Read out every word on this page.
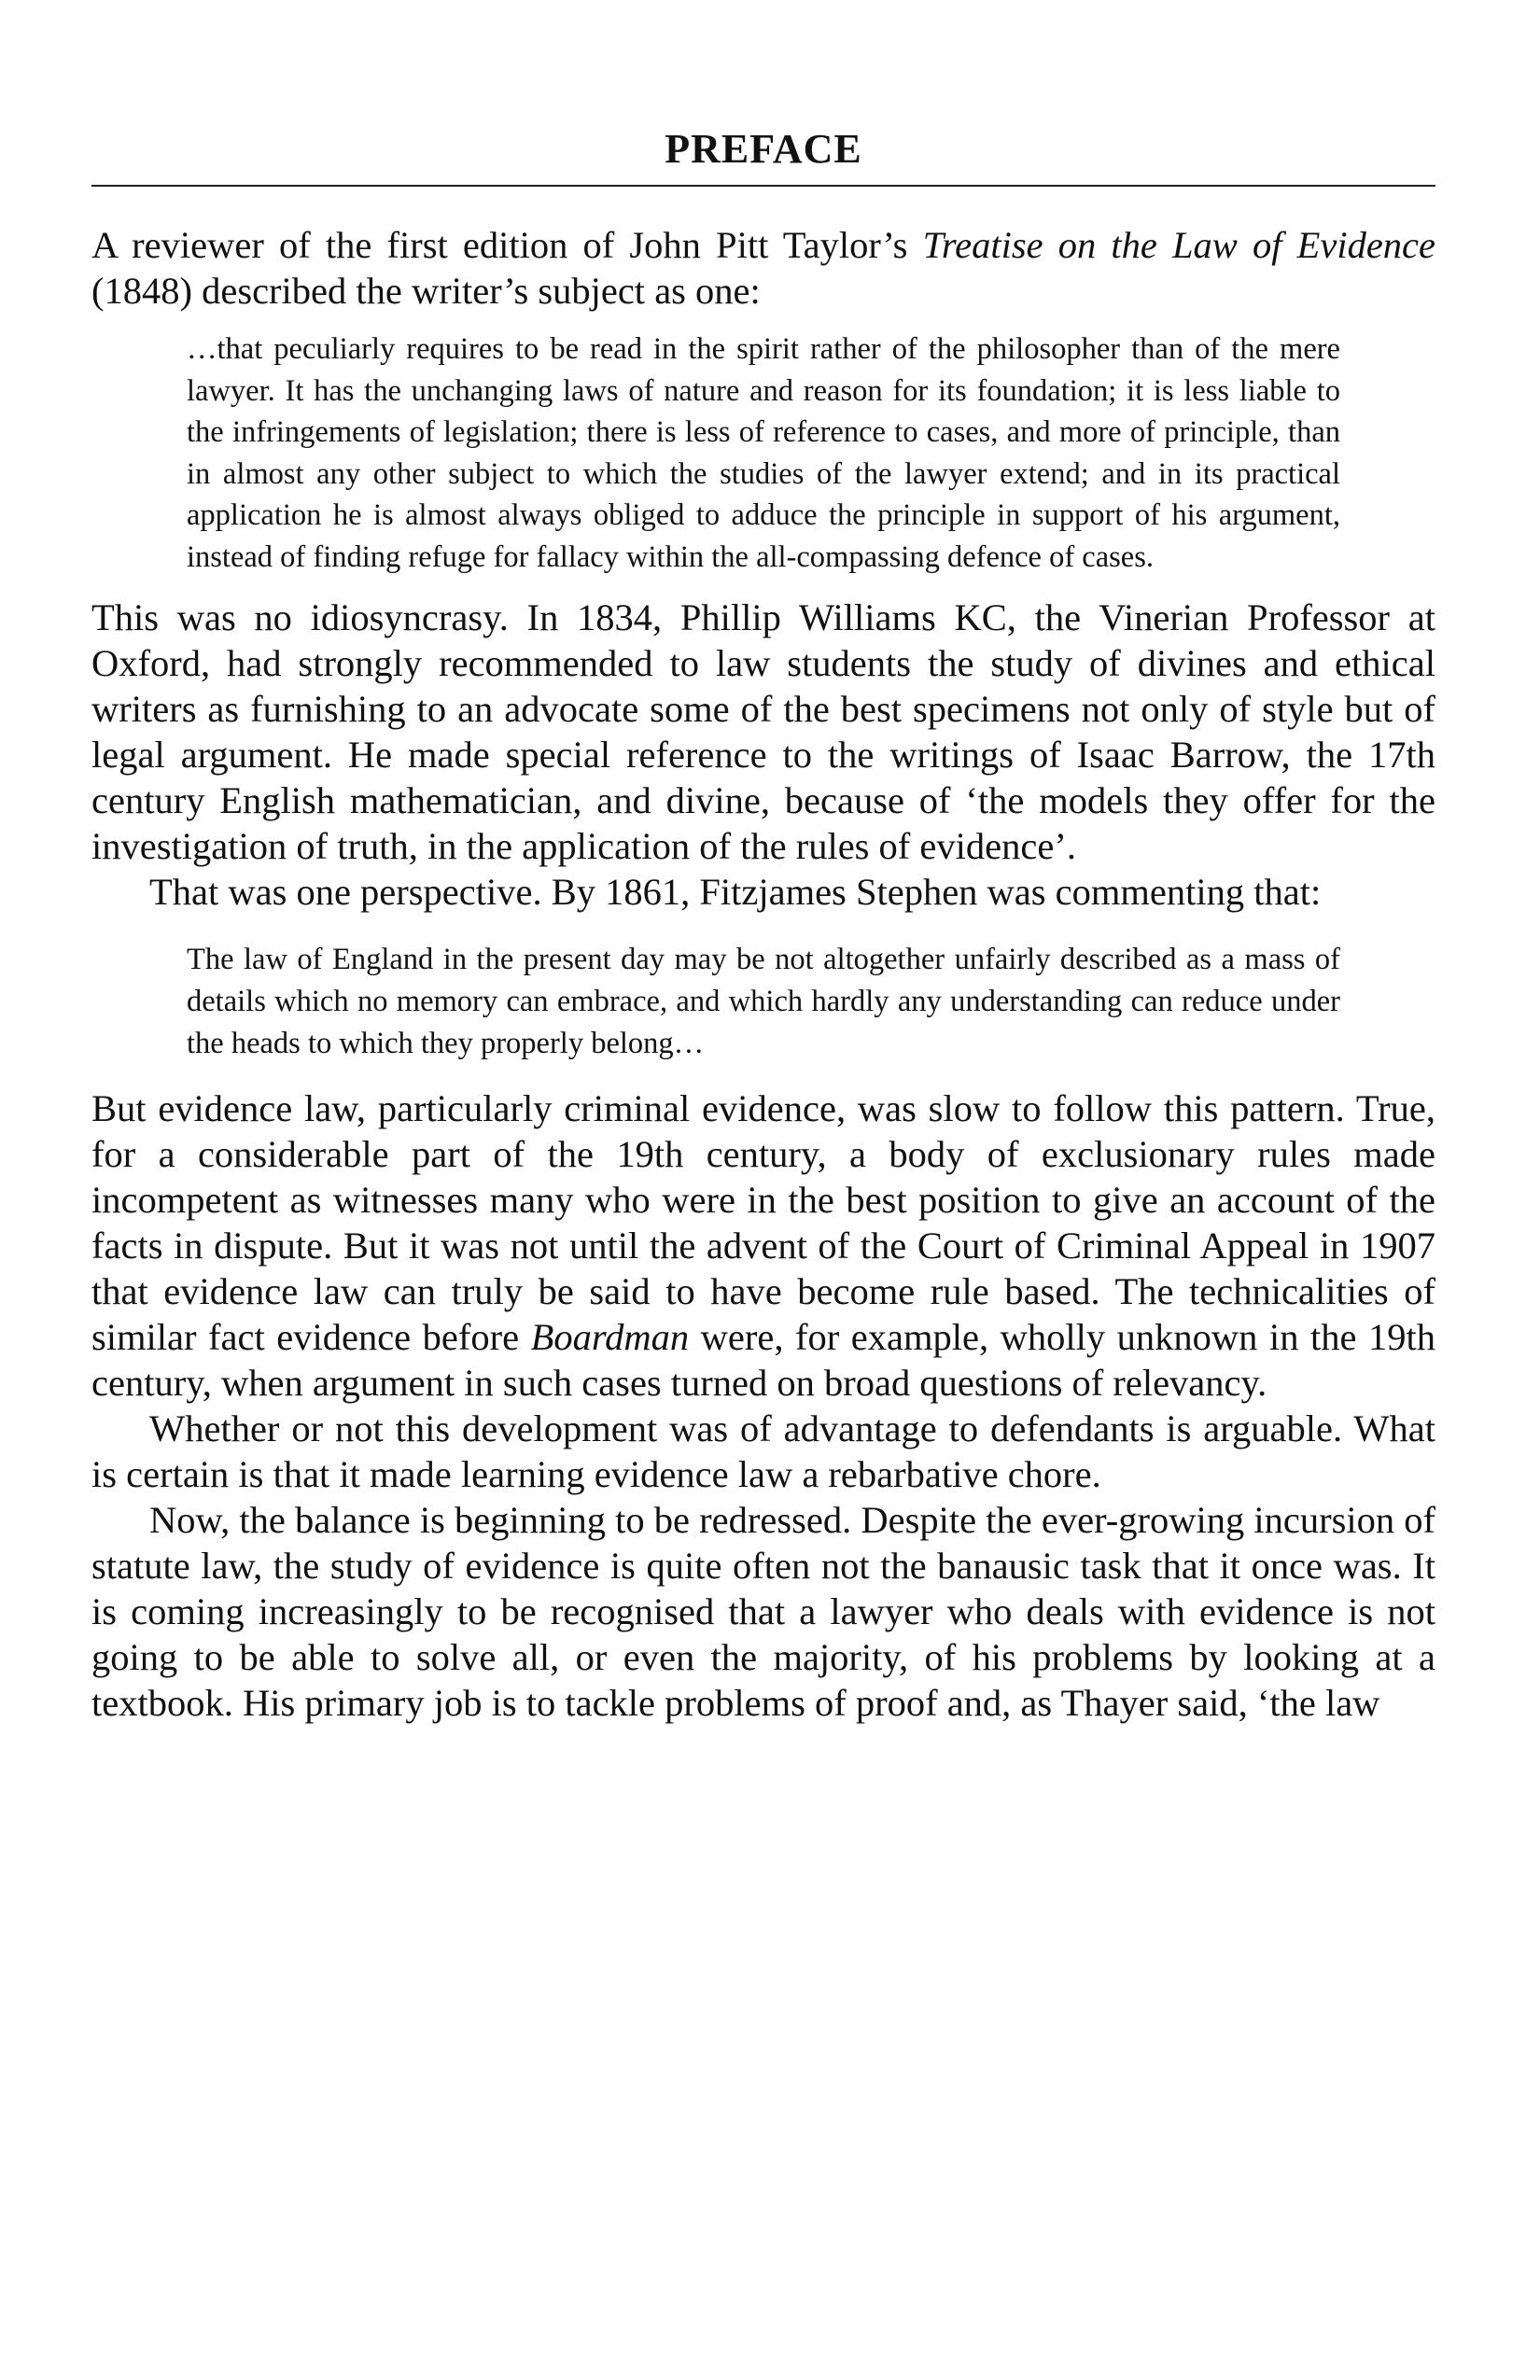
PREFACE

A reviewer of the first edition of John Pitt Taylor’s Treatise on the Law of Evidence (1848) described the writer’s subject as one:

…that peculiarly requires to be read in the spirit rather of the philosopher than of the mere lawyer. It has the unchanging laws of nature and reason for its foundation; it is less liable to the infringements of legislation; there is less of reference to cases, and more of principle, than in almost any other subject to which the studies of the lawyer extend; and in its practical application he is almost always obliged to adduce the principle in support of his argument, instead of finding refuge for fallacy within the all-compassing defence of cases.

This was no idiosyncrasy. In 1834, Phillip Williams KC, the Vinerian Professor at Oxford, had strongly recommended to law students the study of divines and ethical writers as furnishing to an advocate some of the best specimens not only of style but of legal argument. He made special reference to the writings of Isaac Barrow, the 17th century English mathematician, and divine, because of ‘the models they offer for the investigation of truth, in the application of the rules of evidence’.

That was one perspective. By 1861, Fitzjames Stephen was commenting that:

The law of England in the present day may be not altogether unfairly described as a mass of details which no memory can embrace, and which hardly any understanding can reduce under the heads to which they properly belong…

But evidence law, particularly criminal evidence, was slow to follow this pattern. True, for a considerable part of the 19th century, a body of exclusionary rules made incompetent as witnesses many who were in the best position to give an account of the facts in dispute. But it was not until the advent of the Court of Criminal Appeal in 1907 that evidence law can truly be said to have become rule based. The technicalities of similar fact evidence before Boardman were, for example, wholly unknown in the 19th century, when argument in such cases turned on broad questions of relevancy.

Whether or not this development was of advantage to defendants is arguable. What is certain is that it made learning evidence law a rebarbative chore.

Now, the balance is beginning to be redressed. Despite the ever-growing incursion of statute law, the study of evidence is quite often not the banausic task that it once was. It is coming increasingly to be recognised that a lawyer who deals with evidence is not going to be able to solve all, or even the majority, of his problems by looking at a textbook. His primary job is to tackle problems of proof and, as Thayer said, ‘the law
